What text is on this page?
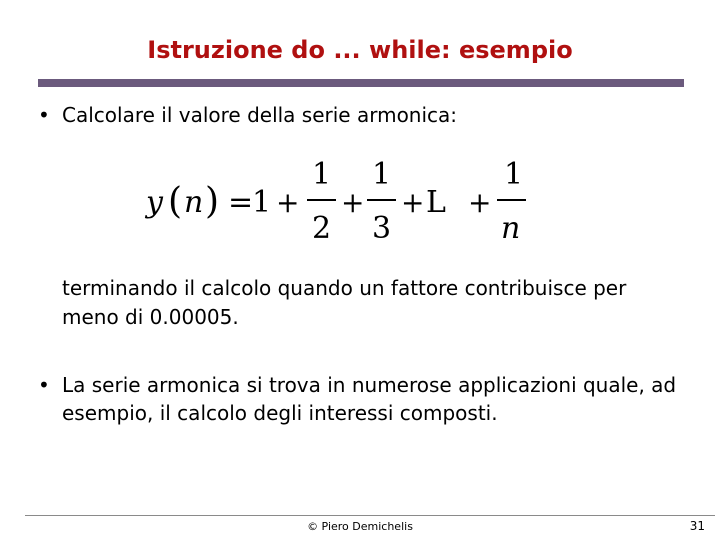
Istruzione do ... while: esempio
• Calcolare il valore della serie armonica:
y ( n ) =
1 +
1
2
+
1
3
+ L +
1
n
terminando il calcolo quando un fattore contribuisce per meno di 0.00005.
• La serie armonica si trova in numerose applicazioni quale, ad esempio, il calcolo degli interessi composti.
© Piero Demichelis	31
